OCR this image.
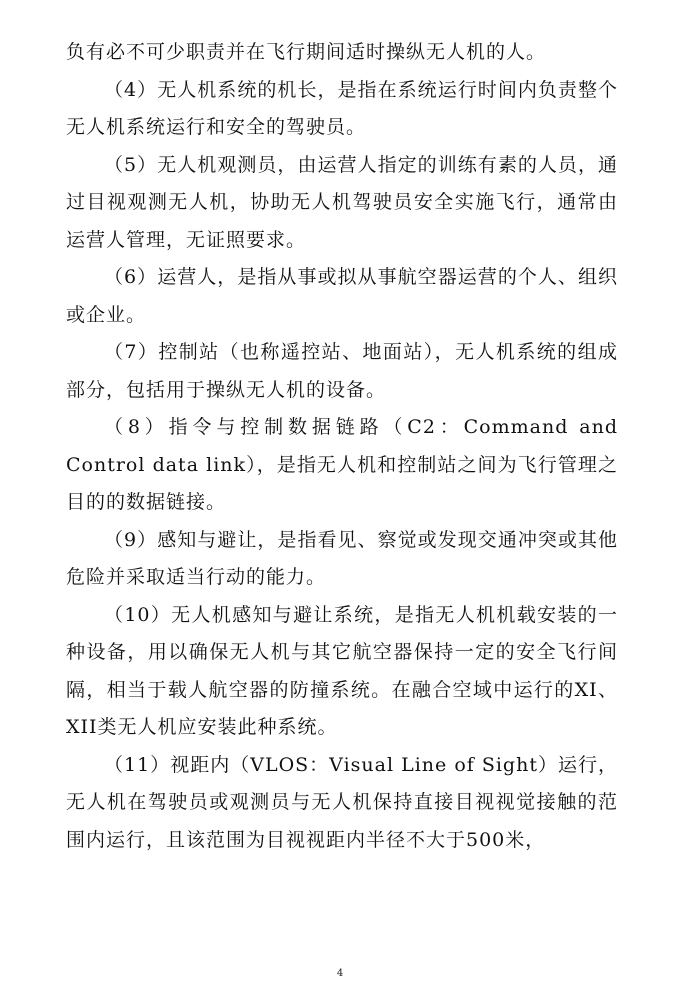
负有必不可少职责并在飞行期间适时操纵无人机的人。

（4）无人机系统的机长，是指在系统运行时间内负责整个无人机系统运行和安全的驾驶员。

（5）无人机观测员，由运营人指定的训练有素的人员，通过目视观测无人机，协助无人机驾驶员安全实施飞行，通常由运营人管理，无证照要求。

（6）运营人，是指从事或拟从事航空器运营的个人、组织或企业。

（7）控制站（也称遥控站、地面站），无人机系统的组成部分，包括用于操纵无人机的设备。

（8）指令与控制数据链路（C2：Command and Control data link），是指无人机和控制站之间为飞行管理之目的的数据链接。

（9）感知与避让，是指看见、察觉或发现交通冲突或其他危险并采取适当行动的能力。

（10）无人机感知与避让系统，是指无人机机载安装的一种设备，用以确保无人机与其它航空器保持一定的安全飞行间隔，相当于载人航空器的防撞系统。在融合空域中运行的XI、XII类无人机应安装此种系统。

（11）视距内（VLOS：Visual Line of Sight）运行，无人机在驾驶员或观测员与无人机保持直接目视视觉接触的范围内运行，且该范围为目视视距内半径不大于500米，

4
